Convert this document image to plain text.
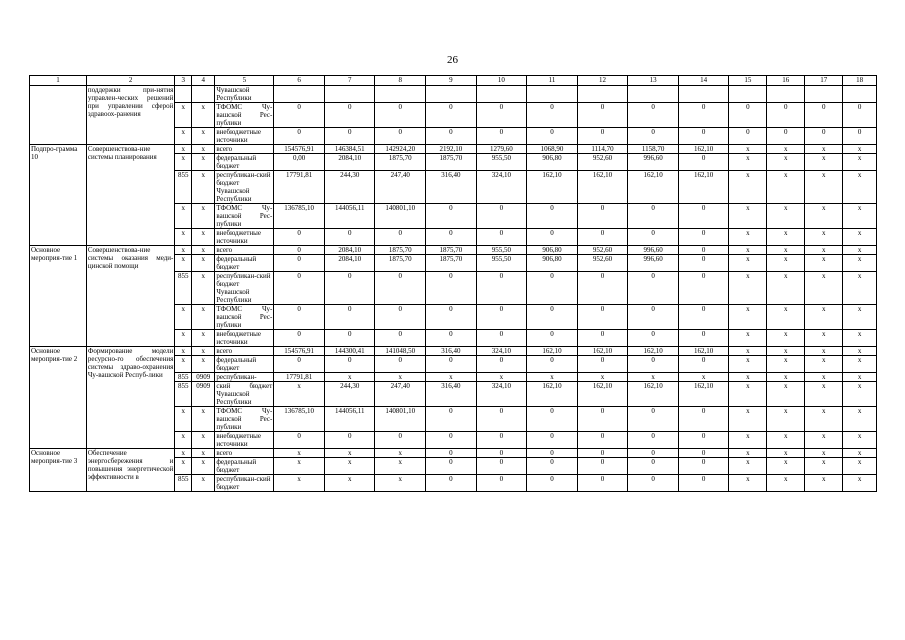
26
1	2	3	4	5	6	7	8	9	10	11	12	13	14	15	16	17	18
	поддержки при-нятия управлен-ческих решений при управлении сферой здравоох-ранения			Чувашской Республики													
		x	x	ТФОМС Чу-вашской Рес-публики	0	0	0	0	0	0	0	0	0	0	0	0	0
		x	x	внебюджетные источники	0	0	0	0	0	0	0	0	0	0	0	0	0
Подпро-грамма 10	Совершенствова-ние системы планирования	x	x	всего	154576,91	146384,51	142924,20	2192,10	1279,60	1068,90	1114,70	1158,70	162,10	x	x	x	x
		x	x	федеральный бюджет	0,00	2084,10	1875,70	1875,70	955,50	906,80	952,60	996,60	0	x	x	x	x
		855	x	республикан-ский бюджет Чувашской Республики	17791,81	244,30	247,40	316,40	324,10	162,10	162,10	162,10	162,10	x	x	x	x
		x	x	ТФОМС Чу-вашской Рес-публики	136785,10	144056,11	140801,10	0	0	0	0	0	0	x	x	x	x
		x	x	внебюджетные источники	0	0	0	0	0	0	0	0	0	x	x	x	x
Основное мероприя-тие 1	Совершенствова-ние системы оказания меди-цинской помощи	x	x	всего	0	2084,10	1875,70	1875,70	955,50	906,80	952,60	996,60	0	x	x	x	x
		x	x	федеральный бюджет	0	2084,10	1875,70	1875,70	955,50	906,80	952,60	996,60	0	x	x	x	x
		855	x	республикан-ский бюджет Чувашской Республики	0	0	0	0	0	0	0	0	0	x	x	x	x
		x	x	ТФОМС Чу-вашской Рес-публики	0	0	0	0	0	0	0	0	0	x	x	x	x
		x	x	внебюджетные источники	0	0	0	0	0	0	0	0	0	x	x	x	x
Основное мероприя-тие 2	Формирование модели ресурсно-го обеспечения системы здраво-охранения Чу-вашской Респуб-лики	x	x	всего	154576,91	144300,41	141048,50	316,40	324,10	162,10	162,10	162,10	162,10	x	x	x	x
		x	x	федеральный бюджет	0	0	0	0	0	0	0	0	0	x	x	x	x
		855	0909	республикан-	17791,81	x	x	x	x	x	x	x	x	x	x	x	x
		855	0909	ский бюджет Чувашской Республики	x	244,30	247,40	316,40	324,10	162,10	162,10	162,10	162,10	x	x	x	x
		x	x	ТФОМС Чу-вашской Рес-публики	136785,10	144056,11	140801,10	0	0	0	0	0	0	x	x	x	x
		x	x	внебюджетные источники	0	0	0	0	0	0	0	0	0	x	x	x	x
Основное мероприя-тие 3	Обеспечение энергосбережения и повышения энергетической эффективности в	x	x	всего	x	x	x	0	0	0	0	0	0	x	x	x	x
		x	x	федеральный бюджет	x	x	x	0	0	0	0	0	0	x	x	x	x
		855	x	республикан-ский бюджет	x	x	x	0	0	0	0	0	0	x	x	x	x
